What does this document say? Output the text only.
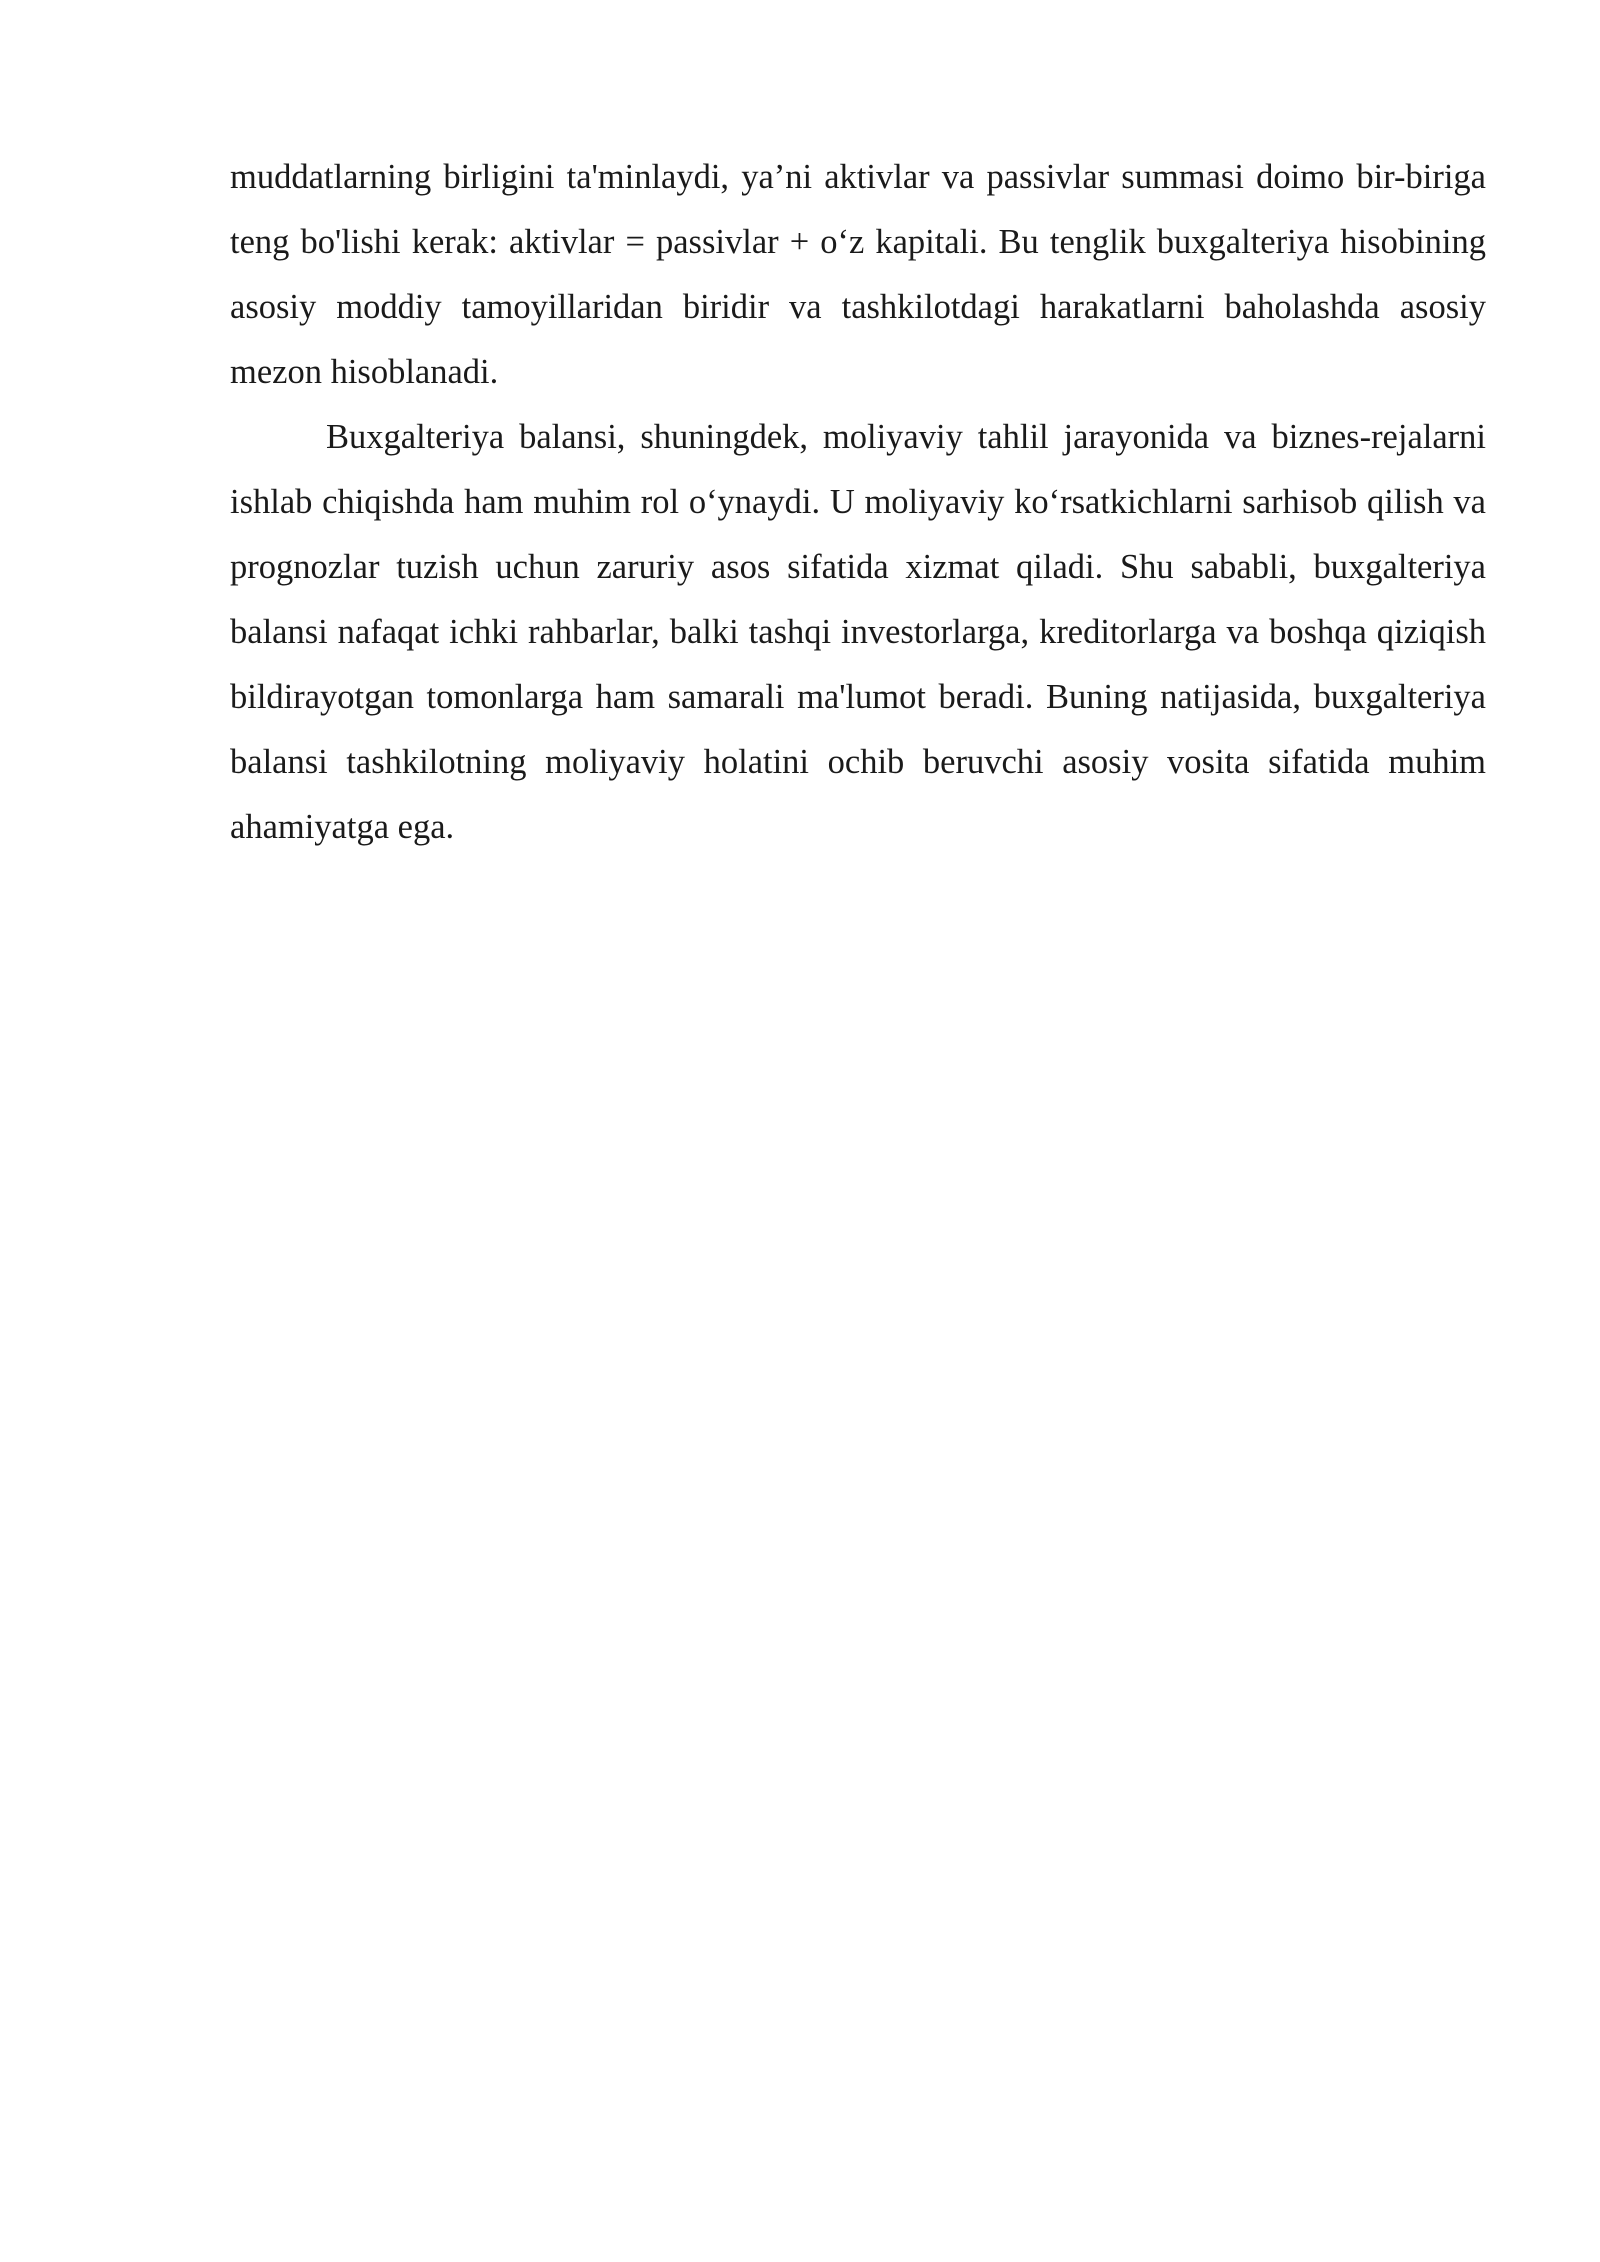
muddatlarning birligini ta'minlaydi, ya’ni aktivlar va passivlar summasi doimo bir-biriga teng bo'lishi kerak: aktivlar = passivlar + o‘z kapitali. Bu tenglik buxgalteriya hisobining asosiy moddiy tamoyillaridan biridir va tashkilotdagi harakatlarni baholashda asosiy mezon hisoblanadi.

Buxgalteriya balansi, shuningdek, moliyaviy tahlil jarayonida va biznes-rejalarni ishlab chiqishda ham muhim rol o‘ynaydi. U moliyaviy ko‘rsatkichlarni sarhisob qilish va prognozlar tuzish uchun zaruriy asos sifatida xizmat qiladi. Shu sababli, buxgalteriya balansi nafaqat ichki rahbarlar, balki tashqi investorlarga, kreditorlarga va boshqa qiziqish bildirayotgan tomonlarga ham samarali ma'lumot beradi. Buning natijasida, buxgalteriya balansi tashkilotning moliyaviy holatini ochib beruvchi asosiy vosita sifatida muhim ahamiyatga ega.
